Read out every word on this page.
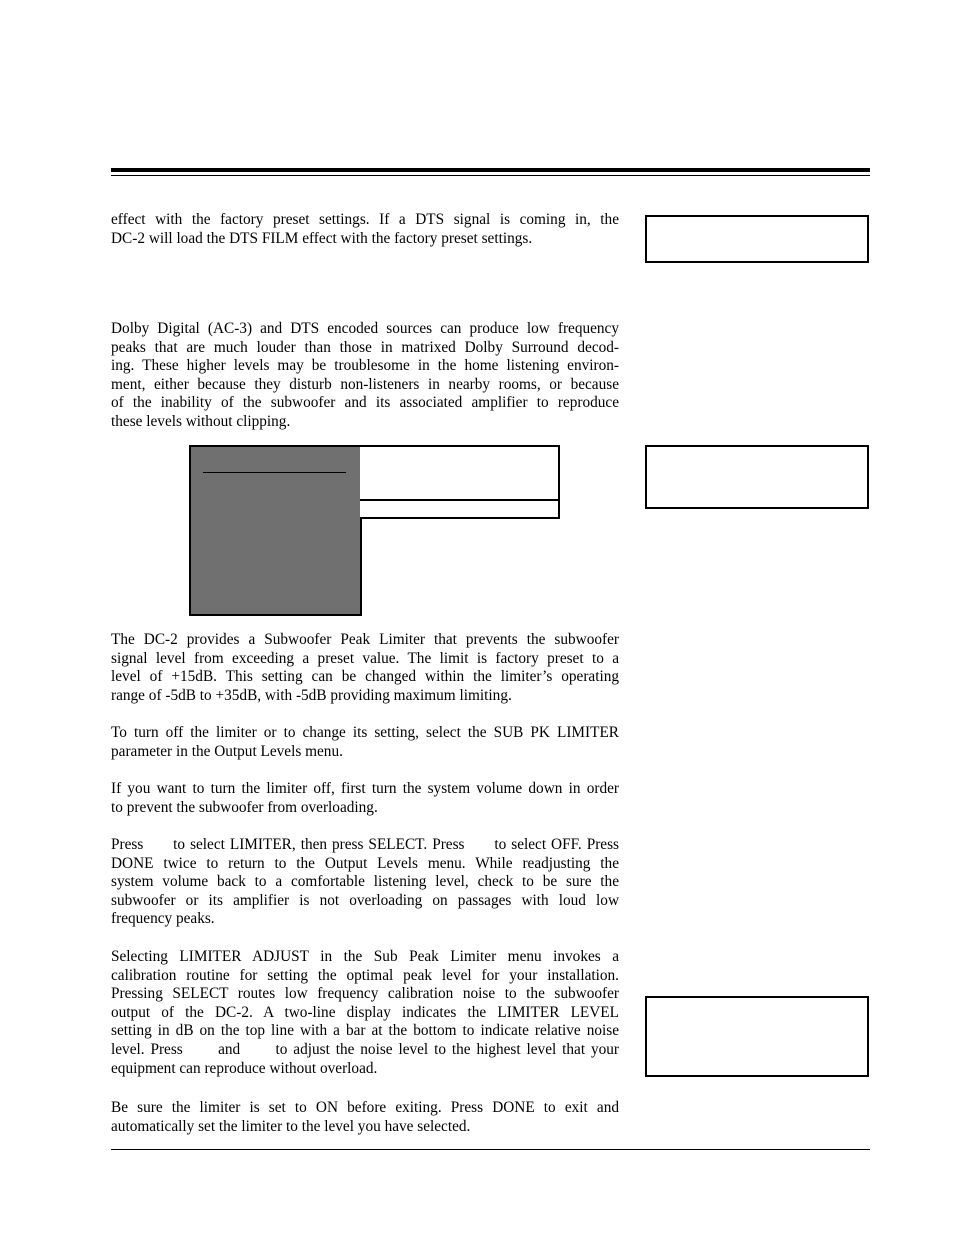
effect with the factory preset settings. If a DTS signal is coming in, the
DC-2 will load the DTS FILM effect with the factory preset settings.

Dolby Digital (AC-3) and DTS encoded sources can produce low frequency
peaks that are much louder than those in matrixed Dolby Surround decod-
ing. These higher levels may be troublesome in the home listening environ-
ment, either because they disturb non-listeners in nearby rooms, or because
of the inability of the subwoofer and its associated amplifier to reproduce
these levels without clipping.

The DC-2 provides a Subwoofer Peak Limiter that prevents the subwoofer
signal level from exceeding a preset value. The limit is factory preset to a
level of +15dB. This setting can be changed within the limiter’s operating
range of -5dB to +35dB, with -5dB providing maximum limiting.

To turn off the limiter or to change its setting, select the SUB PK LIMITER
parameter in the Output Levels menu.

If you want to turn the limiter off, first turn the system volume down in order
to prevent the subwoofer from overloading.

Press      to select LIMITER, then press SELECT. Press      to select OFF. Press
DONE twice to return to the Output Levels menu. While readjusting the
system volume back to a comfortable listening level, check to be sure the
subwoofer or its amplifier is not overloading on passages with loud low
frequency peaks.

Selecting LIMITER ADJUST in the Sub Peak Limiter menu invokes a
calibration routine for setting the optimal peak level for your installation.
Pressing SELECT routes low frequency calibration noise to the subwoofer
output of the DC-2. A two-line display indicates the LIMITER LEVEL
setting in dB on the top line with a bar at the bottom to indicate relative noise
level. Press      and      to adjust the noise level to the highest level that your
equipment can reproduce without overload.

Be sure the limiter is set to ON before exiting. Press DONE to exit and
automatically set the limiter to the level you have selected.
